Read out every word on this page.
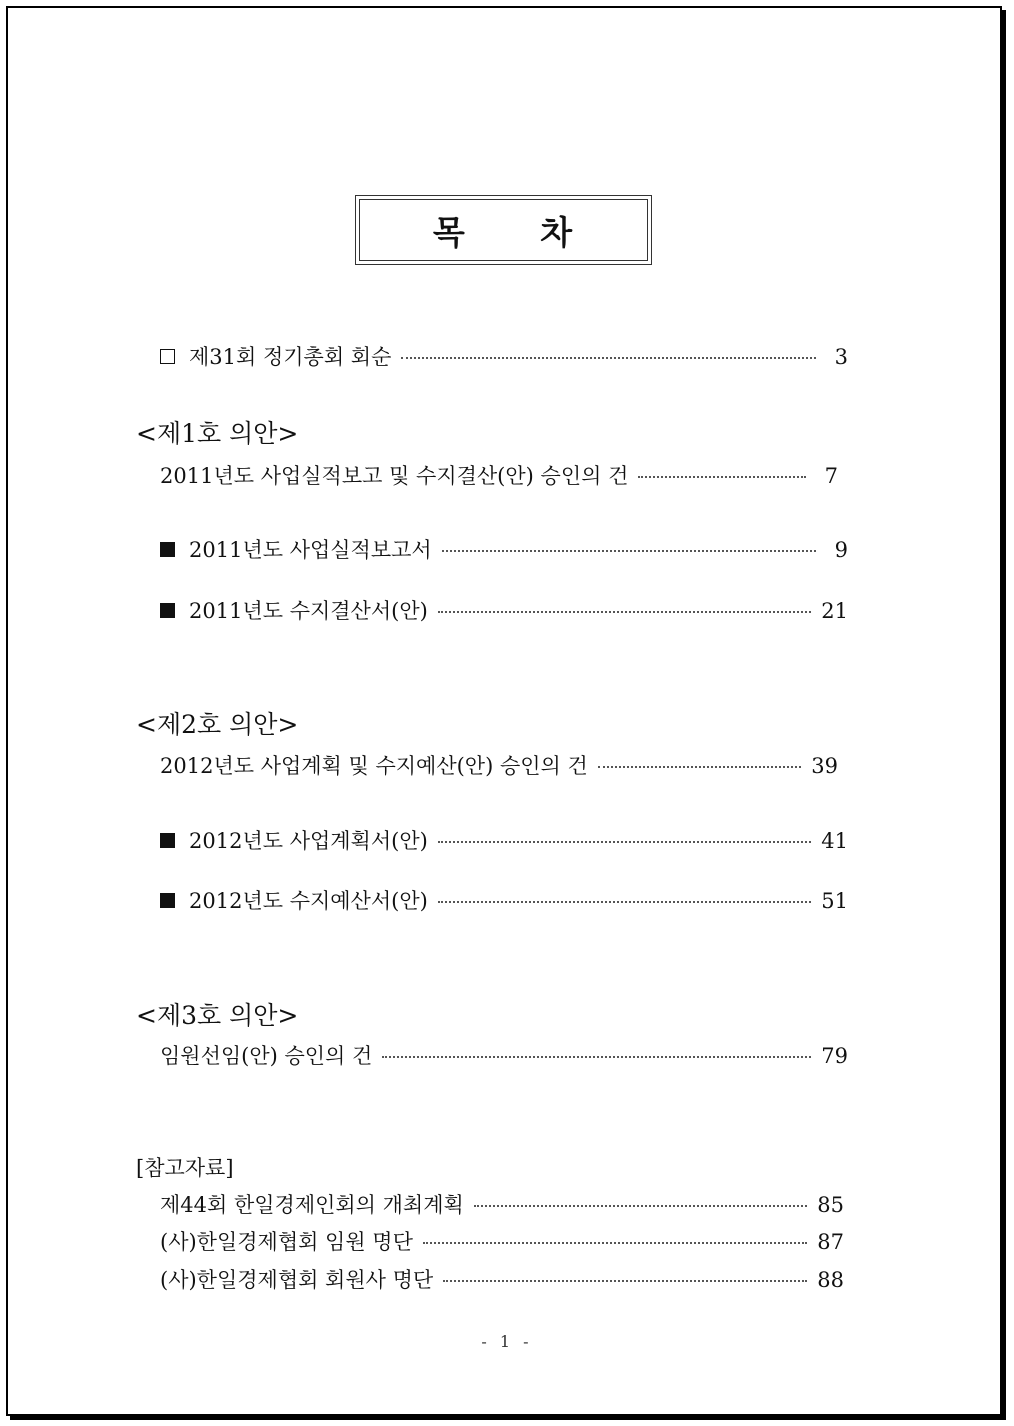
목 차
제31회 정기총회 회순	3
<제1호 의안>
2011년도 사업실적보고 및 수지결산(안) 승인의 건	7
2011년도 사업실적보고서	9
2011년도 수지결산서(안)	21
<제2호 의안>
2012년도 사업계획 및 수지예산(안) 승인의 건	39
2012년도 사업계획서(안)	41
2012년도 수지예산서(안)	51
<제3호 의안>
임원선임(안) 승인의 건	79
[참고자료]
제44회 한일경제인회의 개최계획	85
(사)한일경제협회 임원 명단	87
(사)한일경제협회 회원사 명단	88
- 1 -
